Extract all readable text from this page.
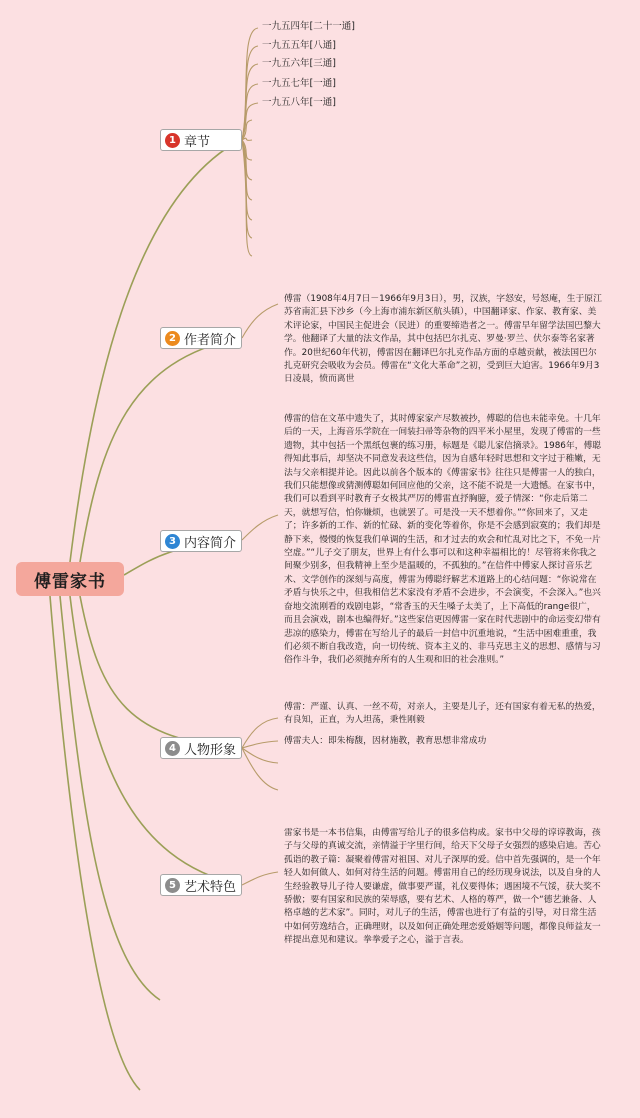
傅雷家书
1 章节
一九五四年[二十一通]
一九五五年[八通]
一九五六年[三通]
一九五七年[一通]
一九五八年[一通]
2 作者简介

傅雷（1908年4月7日－1966年9月3日），男，汉族，字怒安，号怒庵，生于原江苏省南汇县下沙乡（今上海市浦东新区航头镇），中国翻译家、作家、教育家、美术评论家，中国民主促进会（民进）的重要缔造者之一。傅雷早年留学法国巴黎大学。他翻译了大量的法文作品，其中包括巴尔扎克、罗曼·罗兰、伏尔泰等名家著作。20世纪60年代初，傅雷因在翻译巴尔扎克作品方面的卓越贡献，被法国巴尔扎克研究会吸收为会员。傅雷在“文化大革命”之初，受到巨大迫害。1966年9月3日凌晨，愤而离世

3 内容简介

傅雷的信在文革中遗失了，其时傅家家产尽数被抄，傅聪的信也未能幸免。十几年后的一天，上海音乐学院在一间装扫帚等杂物的四平米小屋里，发现了傅雷的一些遗物，其中包括一个黑纸包裹的练习册，标题是《聪儿家信摘录》。1986年，傅聪得知此事后，却坚决不同意发表这些信，因为自感年轻时思想和文字过于稚嫩，无法与父亲相提并论。因此以前各个版本的《傅雷家书》往往只是傅雷一人的独白，我们只能想像或猜测傅聪如何回应他的父亲，这不能不说是一大遗憾。在家书中，我们可以看到平时教育子女极其严厉的傅雷直抒胸臆，爱子情深：“你走后第二天，就想写信，怕你嫌烦，也就罢了。可是没一天不想着你。”“你回来了，又走了；许多新的工作、新的忙碌、新的变化等着你，你是不会感到寂寞的；我们却是静下来，慢慢的恢复我们单调的生活，和才过去的欢会和忙乱对比之下，不免一片空虚。”“儿子交了朋友，世界上有什么事可以和这种幸福相比的！尽管将来你我之间聚少别多，但我精神上至少是温暖的，不孤独的。”在信件中傅家人探讨音乐艺术、文学创作的深刻与高度，傅雷为傅聪纾解艺术道路上的心结问题：“你说常在矛盾与快乐之中，但我相信艺术家没有矛盾不会进步，不会演变，不会深入。”也兴奋地交流刚看的戏剧电影，“常香玉的天生嗓子太美了，上下高低的range很广，而且会演戏，剧本也编得好。”这些家信更因傅雷一家在时代悲剧中的命运变幻带有悲凉的感染力，傅雷在写给儿子的最后一封信中沉重地说，“生活中困难重重，我们必须不断自我改造，向一切传统、资本主义的、非马克思主义的思想、感情与习俗作斗争，我们必须抛弃所有的人生观和旧的社会准则。”

4 人物形象

傅雷：严谨、认真、一丝不苟，对亲人，主要是儿子，还有国家有着无私的热爱，有良知，正直，为人坦荡，秉性刚毅

傅雷夫人：即朱梅馥，因材施教，教育思想非常成功

5 艺术特色

雷家书是一本书信集，由傅雷写给儿子的很多信构成。家书中父母的谆谆教诲，孩子与父母的真诚交流，亲情溢于字里行间，给天下父母子女强烈的感染启迪。苦心孤诣的教子篇：凝聚着傅雷对祖国、对儿子深厚的爱。信中首先强调的，是一个年轻人如何做人、如何对待生活的问题。傅雷用自己的经历现身说法，以及自身的人生经验教导儿子待人要谦虚，做事要严谨，礼仪要得体；遇困境不气馁，获大奖不骄傲；要有国家和民族的荣辱感，要有艺术、人格的尊严，做一个“德艺兼备、人格卓越的艺术家”。同时，对儿子的生活，傅雷也进行了有益的引导，对日常生活中如何劳逸结合，正确理财，以及如何正确处理恋爱婚姻等问题，都像良师益友一样提出意见和建议。拳拳爱子之心，溢于言表。
